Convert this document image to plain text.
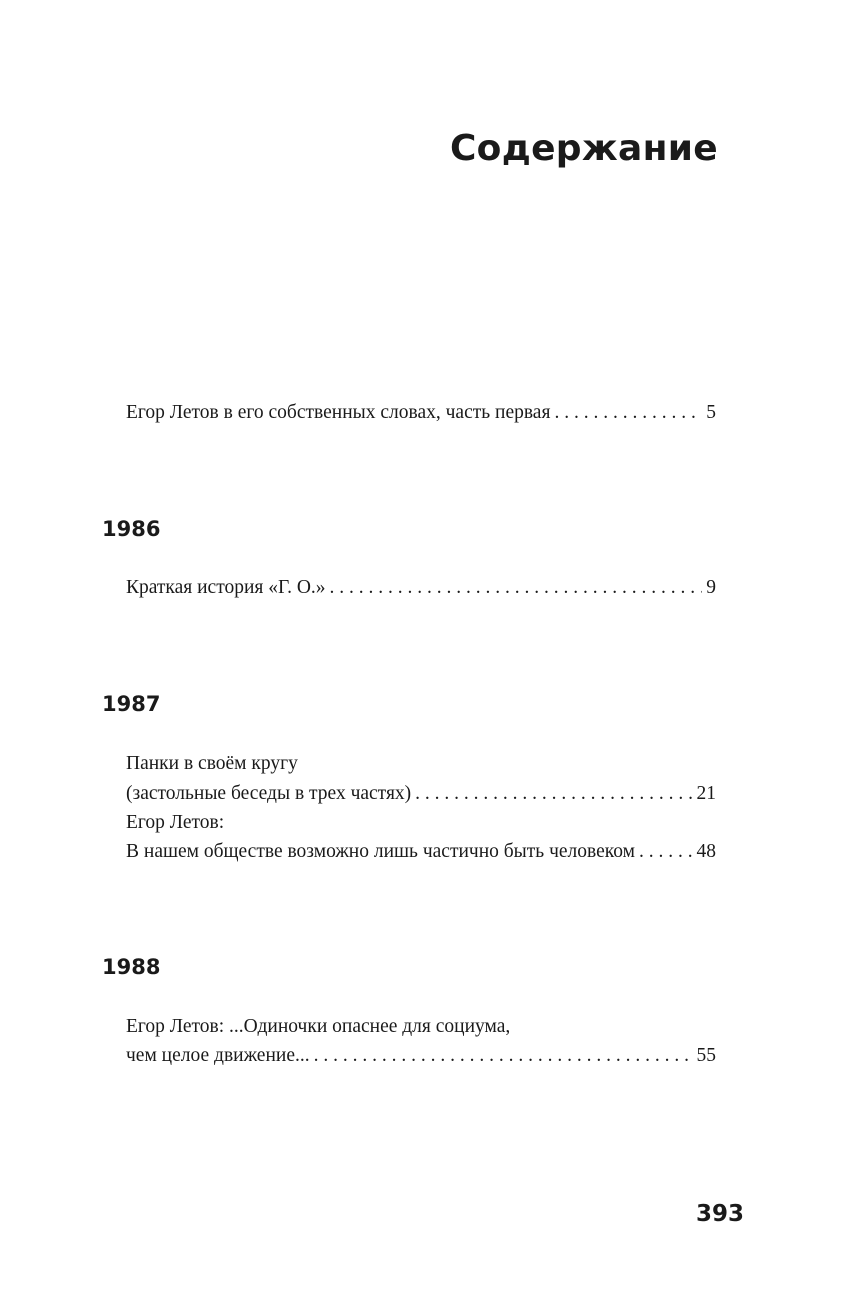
Содержание
Егор Летов в его собственных словах, часть первая . . .	5
1986
Краткая история «Г. О.» . . .	9
1987
Панки в своём кругу
(застольные беседы в трех частях) . . .	21
Егор Летов:
В нашем обществе возможно лишь частично быть человеком . . .	48
1988
Егор Летов: ...Одиночки опаснее для социума,
чем целое движение... . . .	55
393
